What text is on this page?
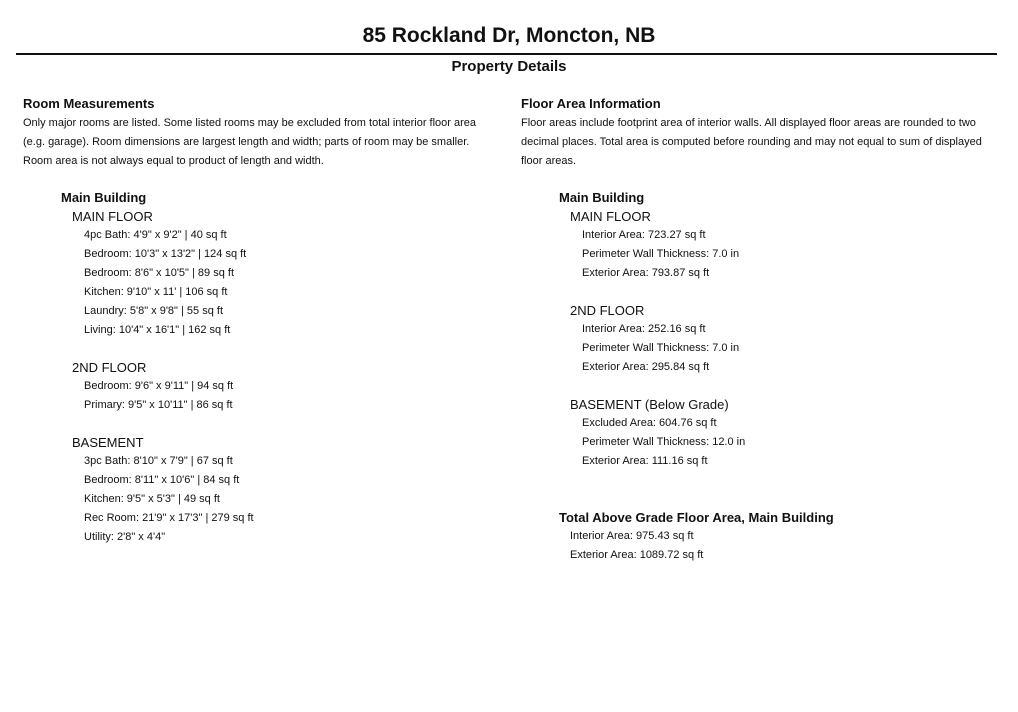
85 Rockland Dr, Moncton, NB
Property Details
Room Measurements
Only major rooms are listed. Some listed rooms may be excluded from total interior floor area (e.g. garage). Room dimensions are largest length and width; parts of room may be smaller. Room area is not always equal to product of length and width.
Main Building
MAIN FLOOR
4pc Bath: 4'9" x 9'2" | 40 sq ft
Bedroom: 10'3" x 13'2" | 124 sq ft
Bedroom: 8'6" x 10'5" | 89 sq ft
Kitchen: 9'10" x 11' | 106 sq ft
Laundry: 5'8" x 9'8" | 55 sq ft
Living: 10'4" x 16'1" | 162 sq ft
2ND FLOOR
Bedroom: 9'6" x 9'11" | 94 sq ft
Primary: 9'5" x 10'11" | 86 sq ft
BASEMENT
3pc Bath: 8'10" x 7'9" | 67 sq ft
Bedroom: 8'11" x 10'6" | 84 sq ft
Kitchen: 9'5" x 5'3" | 49 sq ft
Rec Room: 21'9" x 17'3" | 279 sq ft
Utility: 2'8" x 4'4"
Floor Area Information
Floor areas include footprint area of interior walls. All displayed floor areas are rounded to two decimal places. Total area is computed before rounding and may not equal to sum of displayed floor areas.
Main Building
MAIN FLOOR
Interior Area: 723.27 sq ft
Perimeter Wall Thickness: 7.0 in
Exterior Area: 793.87 sq ft
2ND FLOOR
Interior Area: 252.16 sq ft
Perimeter Wall Thickness: 7.0 in
Exterior Area: 295.84 sq ft
BASEMENT (Below Grade)
Excluded Area: 604.76 sq ft
Perimeter Wall Thickness: 12.0 in
Exterior Area: 111.16 sq ft
Total Above Grade Floor Area, Main Building
Interior Area: 975.43 sq ft
Exterior Area: 1089.72 sq ft
